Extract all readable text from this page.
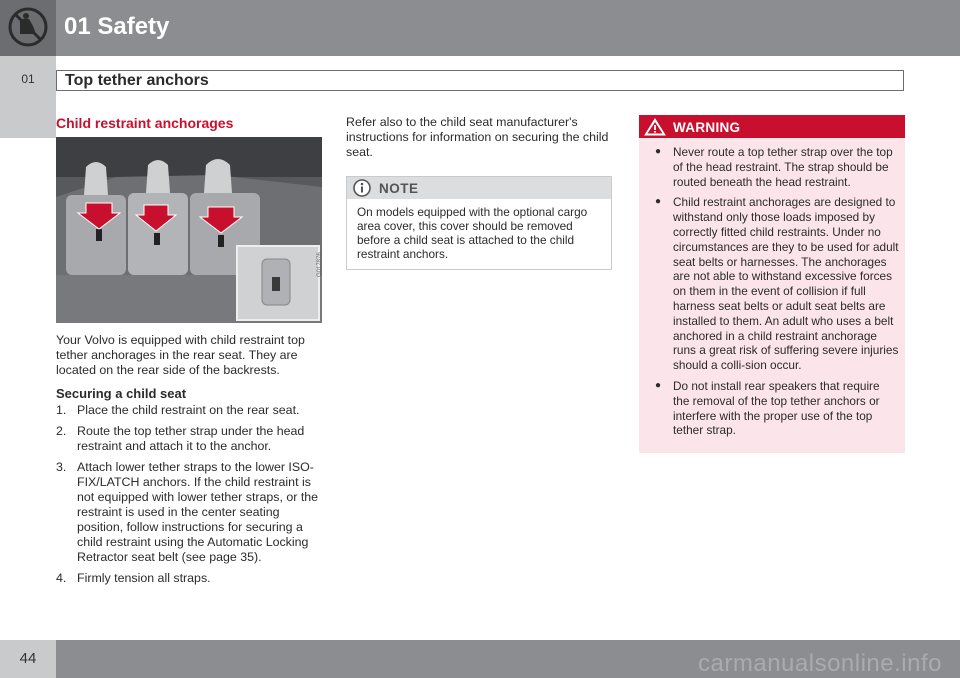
01 Safety
01	Top tether anchors
Child restraint anchorages
G017876

Your Volvo is equipped with child restraint top tether anchorages in the rear seat. They are located on the rear side of the backrests.

Securing a child seat
1. Place the child restraint on the rear seat.
2. Route the top tether strap under the head restraint and attach it to the anchor.
3. Attach lower tether straps to the lower ISO-FIX/LATCH anchors. If the child restraint is not equipped with lower tether straps, or the restraint is used in the center seating position, follow instructions for securing a child restraint using the Automatic Locking Retractor seat belt (see page 35).
4. Firmly tension all straps.

Refer also to the child seat manufacturer's instructions for information on securing the child seat.

NOTE
On models equipped with the optional cargo area cover, this cover should be removed before a child seat is attached to the child restraint anchors.
WARNING
● Never route a top tether strap over the top of the head restraint. The strap should be routed beneath the head restraint.
● Child restraint anchorages are designed to withstand only those loads imposed by correctly fitted child restraints. Under no circumstances are they to be used for adult seat belts or harnesses. The anchorages are not able to withstand excessive forces on them in the event of collision if full harness seat belts or adult seat belts are installed to them. An adult who uses a belt anchored in a child restraint anchorage runs a great risk of suffering severe injuries should a colli-sion occur.
● Do not install rear speakers that require the removal of the top tether anchors or interfere with the proper use of the top tether strap.
44	carmanualsonline.info
